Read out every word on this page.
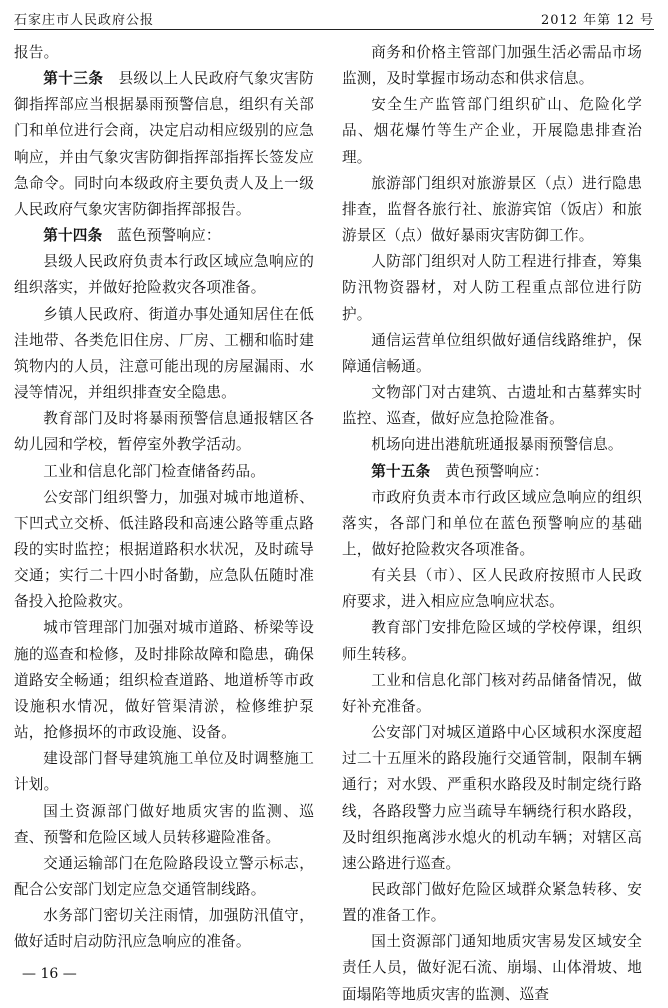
石家庄市人民政府公报	2012 年第 12 号

报告。

第十三条　县级以上人民政府气象灾害防御指挥部应当根据暴雨预警信息，组织有关部门和单位进行会商，决定启动相应级别的应急响应，并由气象灾害防御指挥部指挥长签发应急命令。同时向本级政府主要负责人及上一级人民政府气象灾害防御指挥部报告。

第十四条　蓝色预警响应：

县级人民政府负责本行政区域应急响应的组织落实，并做好抢险救灾各项准备。

乡镇人民政府、街道办事处通知居住在低洼地带、各类危旧住房、厂房、工棚和临时建筑物内的人员，注意可能出现的房屋漏雨、水浸等情况，并组织排查安全隐患。

教育部门及时将暴雨预警信息通报辖区各幼儿园和学校，暂停室外教学活动。

工业和信息化部门检查储备药品。

公安部门组织警力，加强对城市地道桥、下凹式立交桥、低洼路段和高速公路等重点路段的实时监控；根据道路积水状况，及时疏导交通；实行二十四小时备勤，应急队伍随时准备投入抢险救灾。

城市管理部门加强对城市道路、桥梁等设施的巡查和检修，及时排除故障和隐患，确保道路安全畅通；组织检查道路、地道桥等市政设施积水情况，做好管渠清淤，检修维护泵站，抢修损坏的市政设施、设备。

建设部门督导建筑施工单位及时调整施工计划。

国土资源部门做好地质灾害的监测、巡查、预警和危险区域人员转移避险准备。

交通运输部门在危险路段设立警示标志，配合公安部门划定应急交通管制线路。

水务部门密切关注雨情，加强防汛值守，做好适时启动防汛应急响应的准备。

商务和价格主管部门加强生活必需品市场监测，及时掌握市场动态和供求信息。

安全生产监管部门组织矿山、危险化学品、烟花爆竹等生产企业，开展隐患排查治理。

旅游部门组织对旅游景区（点）进行隐患排查，监督各旅行社、旅游宾馆（饭店）和旅游景区（点）做好暴雨灾害防御工作。

人防部门组织对人防工程进行排查，筹集防汛物资器材，对人防工程重点部位进行防护。

通信运营单位组织做好通信线路维护，保障通信畅通。

文物部门对古建筑、古遗址和古墓葬实时监控、巡查，做好应急抢险准备。

机场向进出港航班通报暴雨预警信息。

第十五条　黄色预警响应：

市政府负责本市行政区域应急响应的组织落实，各部门和单位在蓝色预警响应的基础上，做好抢险救灾各项准备。

有关县（市）、区人民政府按照市人民政府要求，进入相应应急响应状态。

教育部门安排危险区域的学校停课，组织师生转移。

工业和信息化部门核对药品储备情况，做好补充准备。

公安部门对城区道路中心区域积水深度超过二十五厘米的路段施行交通管制，限制车辆通行；对水毁、严重积水路段及时制定绕行路线，各路段警力应当疏导车辆绕行积水路段，及时组织拖离涉水熄火的机动车辆；对辖区高速公路进行巡查。

民政部门做好危险区域群众紧急转移、安置的准备工作。

国土资源部门通知地质灾害易发区域安全责任人员，做好泥石流、崩塌、山体滑坡、地面塌陷等地质灾害的监测、巡查

— 16 —
